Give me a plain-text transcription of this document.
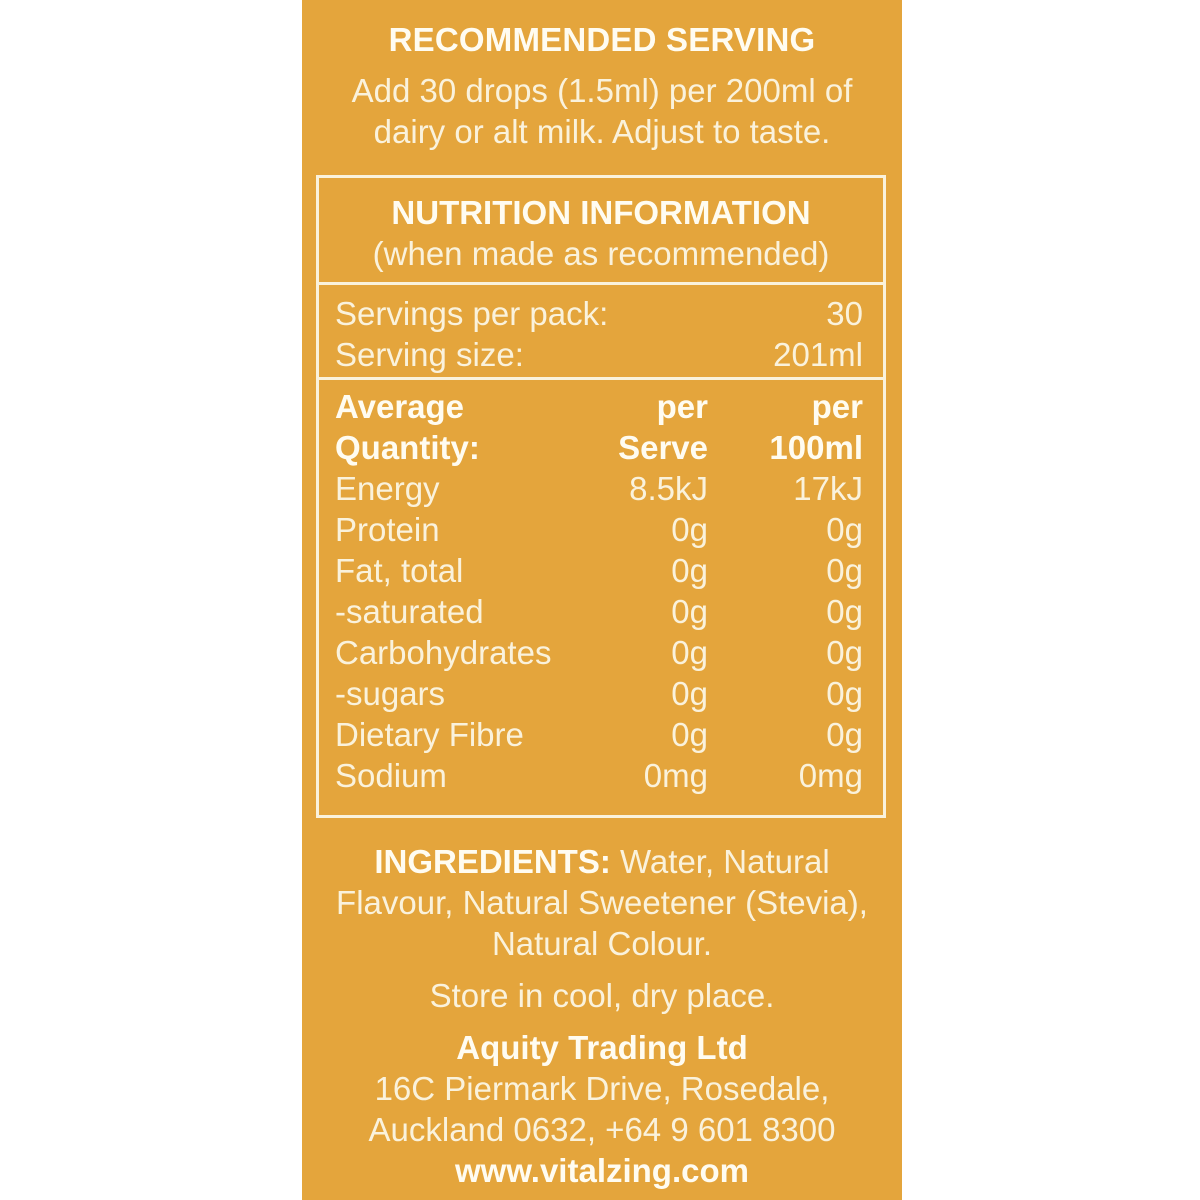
RECOMMENDED SERVING
Add 30 drops (1.5ml) per 200ml of
dairy or alt milk. Adjust to taste.
NUTRITION INFORMATION
(when made as recommended)
Servings per pack:	30
Serving size:	201ml
Average	per	per
Quantity:	Serve	100ml
Energy	8.5kJ	17kJ
Protein	0g	0g
Fat, total	0g	0g
-saturated	0g	0g
Carbohydrates	0g	0g
-sugars	0g	0g
Dietary Fibre	0g	0g
Sodium	0mg	0mg
INGREDIENTS: Water, Natural
Flavour, Natural Sweetener (Stevia),
Natural Colour.
Store in cool, dry place.
Aquity Trading Ltd
16C Piermark Drive, Rosedale,
Auckland 0632, +64 9 601 8300
www.vitalzing.com
